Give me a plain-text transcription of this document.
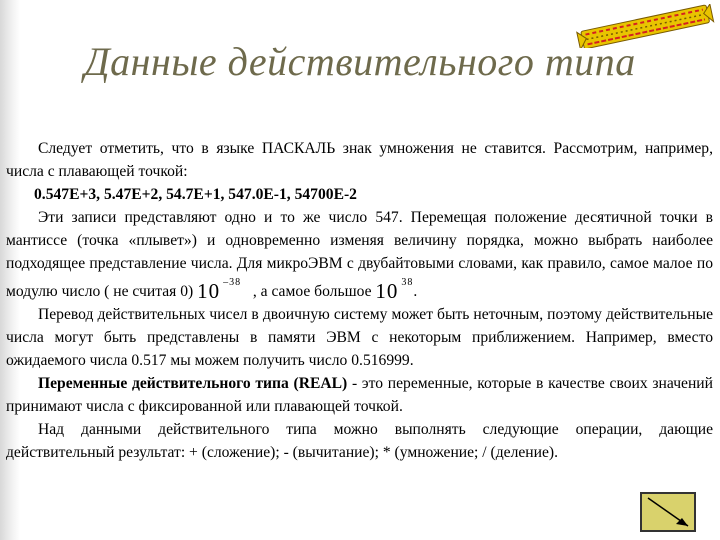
Данные действительного типа

Следует отметить, что в языке ПАСКАЛЬ знак умножения не ставится. Рассмотрим, например, числа с плавающей точкой:

0.547E+3, 5.47E+2, 54.7E+1, 547.0E-1, 54700E-2

Эти записи представляют одно и то же число 547. Перемещая положение десятичной точки в мантиссе (точка «плывет») и одновременно изменяя величину порядка, можно выбрать наиболее подходящее представление числа. Для микроЭВМ с двубайтовыми словами, как правило, самое малое по модулю число ( не считая 0) 10 $^{-38}$   , а самое большое 10 $^{38}$.

Перевод действительных чисел в двоичную систему может быть неточным, поэтому действительные числа могут быть представлены в памяти ЭВМ с некоторым приближением. Например, вместо ожидаемого числа 0.517 мы можем получить число 0.516999.

Переменные действительного типа (REAL) - это переменные, которые в качестве своих значений принимают числа с фиксированной или плавающей точкой.

Над данными действительного типа можно выполнять следующие операции, дающие действительный результат: + (сложение); - (вычитание); * (умножение; / (деление).
